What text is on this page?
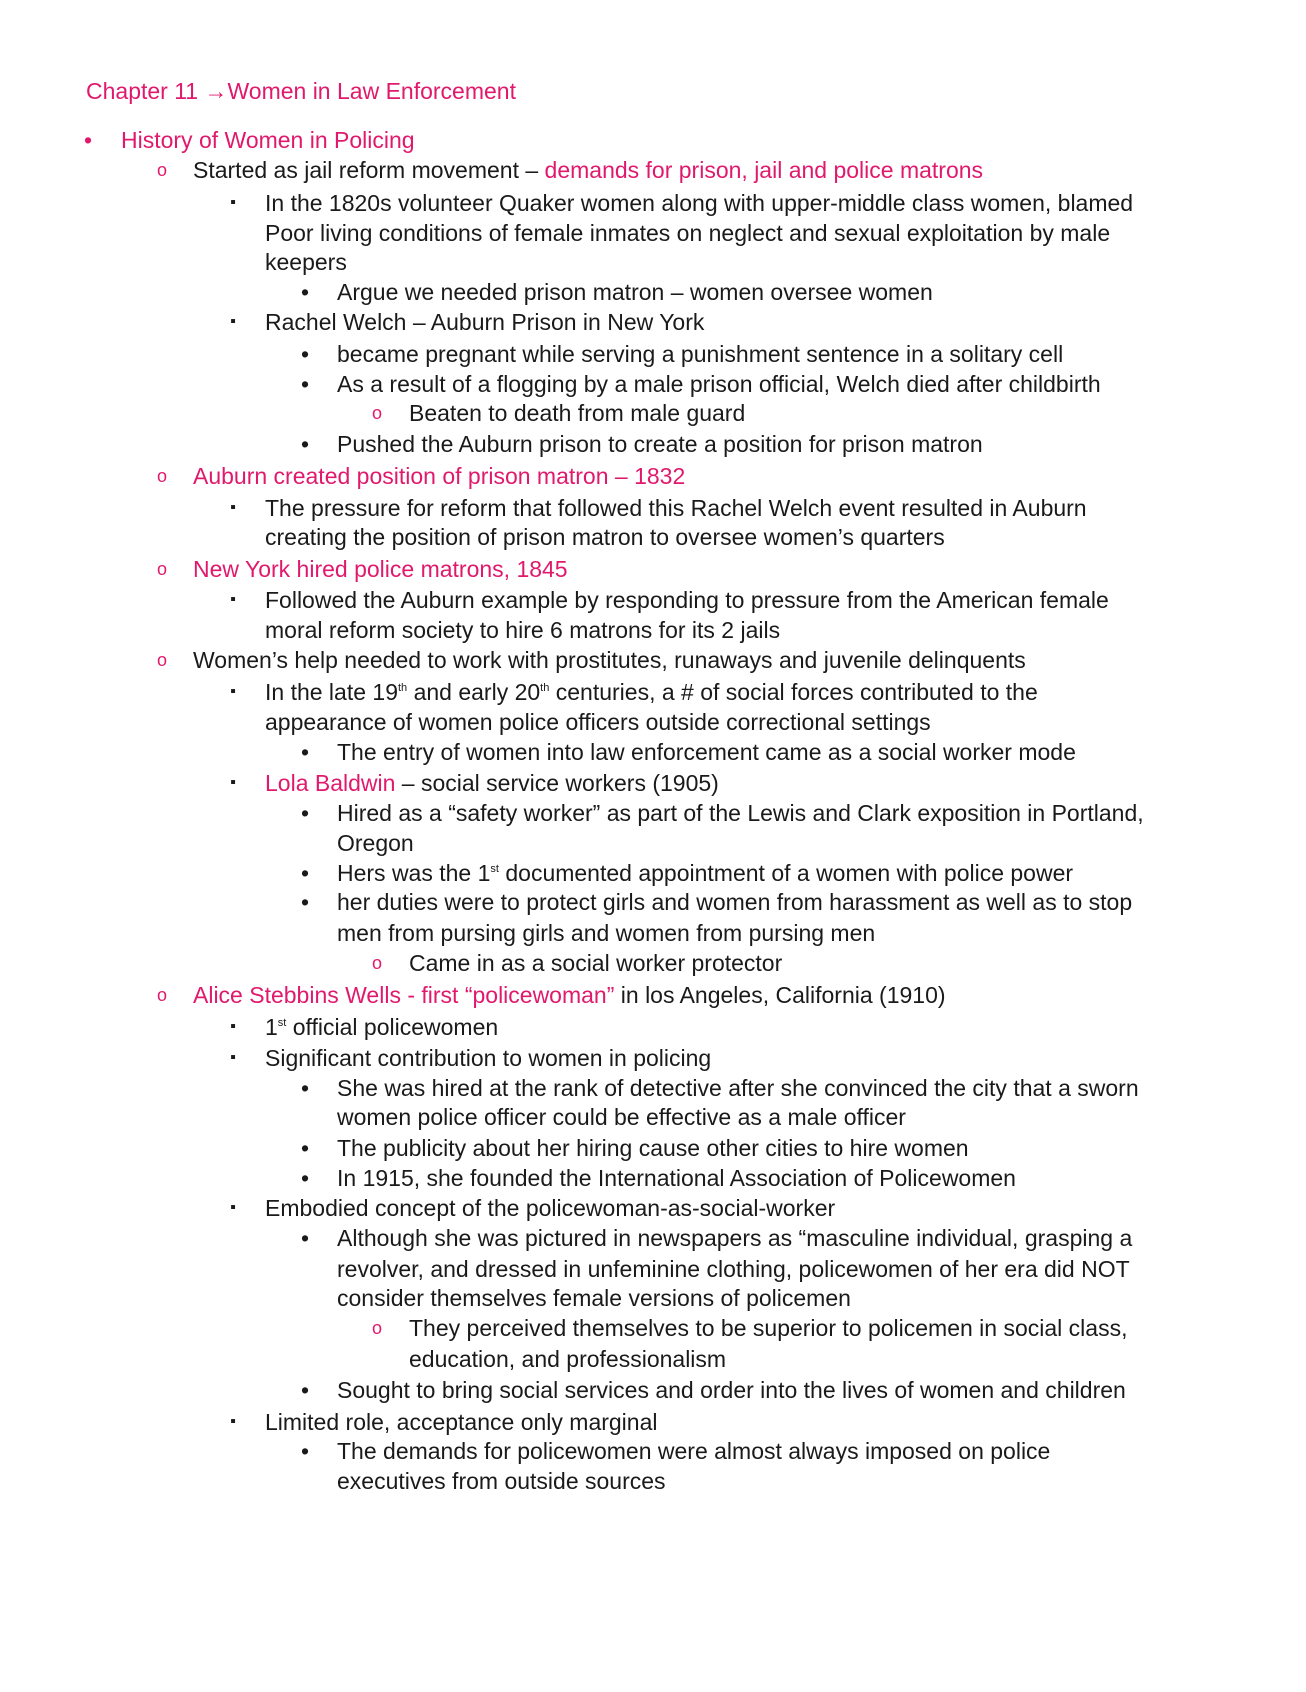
Chapter 11 →Women in Law Enforcement
• History of Women in Policing
o Started as jail reform movement – demands for prison, jail and police matrons
▪	In the 1820s volunteer Quaker women along with upper-middle class women, blamed
Poor living conditions of female inmates on neglect and sexual exploitation by male
keepers
• Argue we needed prison matron – women oversee women
▪	Rachel Welch – Auburn Prison in New York
• became pregnant while serving a punishment sentence in a solitary cell
• As a result of a flogging by a male prison official, Welch died after childbirth
o Beaten to death from male guard
• Pushed the Auburn prison to create a position for prison matron
o Auburn created position of prison matron – 1832
▪	The pressure for reform that followed this Rachel Welch event resulted in Auburn
creating the position of prison matron to oversee women’s quarters
o New York hired police matrons, 1845
▪	Followed the Auburn example by responding to pressure from the American female
moral reform society to hire 6 matrons for its 2 jails
o Women’s help needed to work with prostitutes, runaways and juvenile delinquents
▪	In the late 19th and early 20th centuries, a # of social forces contributed to the
appearance of women police officers outside correctional settings
• The entry of women into law enforcement came as a social worker mode
▪	Lola Baldwin – social service workers (1905)
• Hired as a “safety worker” as part of the Lewis and Clark exposition in Portland,
Oregon
• Hers was the 1st documented appointment of a women with police power
• her duties were to protect girls and women from harassment as well as to stop
men from pursing girls and women from pursing men
o Came in as a social worker protector
o Alice Stebbins Wells - first “policewoman” in los Angeles, California (1910)
▪	1st official policewomen
▪	Significant contribution to women in policing
• She was hired at the rank of detective after she convinced the city that a sworn
women police officer could be effective as a male officer
• The publicity about her hiring cause other cities to hire women
• In 1915, she founded the International Association of Policewomen
▪	Embodied concept of the policewoman-as-social-worker
• Although she was pictured in newspapers as “masculine individual, grasping a
revolver, and dressed in unfeminine clothing, policewomen of her era did NOT
consider themselves female versions of policemen
o They perceived themselves to be superior to policemen in social class,
education, and professionalism
• Sought to bring social services and order into the lives of women and children
▪	Limited role, acceptance only marginal
• The demands for policewomen were almost always imposed on police
executives from outside sources
